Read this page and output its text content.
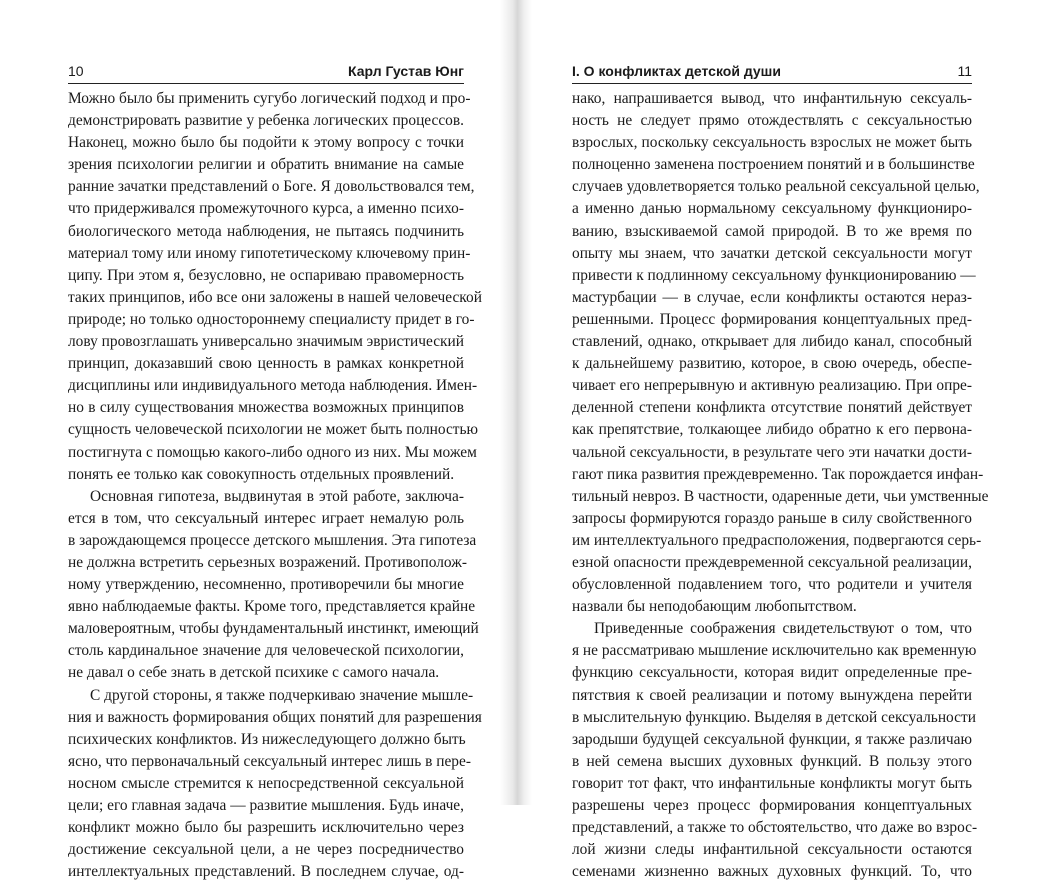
10	Карл Густав Юнг
Можно было бы применить сугубо логический подход и про-
демонстрировать развитие у ребенка логических процессов.
Наконец, можно было бы подойти к этому вопросу с точки
зрения психологии религии и обратить внимание на самые
ранние зачатки представлений о Боге. Я довольствовался тем,
что придерживался промежуточного курса, а именно психо-
биологического метода наблюдения, не пытаясь подчинить
материал тому или иному гипотетическому ключевому прин-
ципу. При этом я, безусловно, не оспариваю правомерность
таких принципов, ибо все они заложены в нашей человеческой
природе; но только одностороннему специалисту придет в го-
лову провозглашать универсально значимым эвристический
принцип, доказавший свою ценность в рамках конкретной
дисциплины или индивидуального метода наблюдения. Имен-
но в силу существования множества возможных принципов
сущность человеческой психологии не может быть полностью
постигнута с помощью какого-либо одного из них. Мы можем
понять ее только как совокупность отдельных проявлений.
Основная гипотеза, выдвинутая в этой работе, заключа-
ется в том, что сексуальный интерес играет немалую роль
в зарождающемся процессе детского мышления. Эта гипотеза
не должна встретить серьезных возражений. Противополож-
ному утверждению, несомненно, противоречили бы многие
явно наблюдаемые факты. Кроме того, представляется крайне
маловероятным, чтобы фундаментальный инстинкт, имеющий
столь кардинальное значение для человеческой психологии,
не давал о себе знать в детской психике с самого начала.
С другой стороны, я также подчеркиваю значение мышле-
ния и важность формирования общих понятий для разрешения
психических конфликтов. Из нижеследующего должно быть
ясно, что первоначальный сексуальный интерес лишь в пере-
носном смысле стремится к непосредственной сексуальной
цели; его главная задача — развитие мышления. Будь иначе,
конфликт можно было бы разрешить исключительно через
достижение сексуальной цели, а не через посредничество
интеллектуальных представлений. В последнем случае, од-
I. О конфликтах детской души	11
нако, напрашивается вывод, что инфантильную сексуаль-
ность не следует прямо отождествлять с сексуальностью
взрослых, поскольку сексуальность взрослых не может быть
полноценно заменена построением понятий и в большинстве
случаев удовлетворяется только реальной сексуальной целью,
а именно данью нормальному сексуальному функциониро-
ванию, взыскиваемой самой природой. В то же время по
опыту мы знаем, что зачатки детской сексуальности могут
привести к подлинному сексуальному функционированию —
мастурбации — в случае, если конфликты остаются нераз-
решенными. Процесс формирования концептуальных пред-
ставлений, однако, открывает для либидо канал, способный
к дальнейшему развитию, которое, в свою очередь, обеспе-
чивает его непрерывную и активную реализацию. При опре-
деленной степени конфликта отсутствие понятий действует
как препятствие, толкающее либидо обратно к его первона-
чальной сексуальности, в результате чего эти начатки дости-
гают пика развития преждевременно. Так порождается инфан-
тильный невроз. В частности, одаренные дети, чьи умственные
запросы формируются гораздо раньше в силу свойственного
им интеллектуального предрасположения, подвергаются серь-
езной опасности преждевременной сексуальной реализации,
обусловленной подавлением того, что родители и учителя
назвали бы неподобающим любопытством.
Приведенные соображения свидетельствуют о том, что
я не рассматриваю мышление исключительно как временную
функцию сексуальности, которая видит определенные пре-
пятствия к своей реализации и потому вынуждена перейти
в мыслительную функцию. Выделяя в детской сексуальности
зародыши будущей сексуальной функции, я также различаю
в ней семена высших духовных функций. В пользу этого
говорит тот факт, что инфантильные конфликты могут быть
разрешены через процесс формирования концептуальных
представлений, а также то обстоятельство, что даже во взрос-
лой жизни следы инфантильной сексуальности остаются
семенами жизненно важных духовных функций. То, что
